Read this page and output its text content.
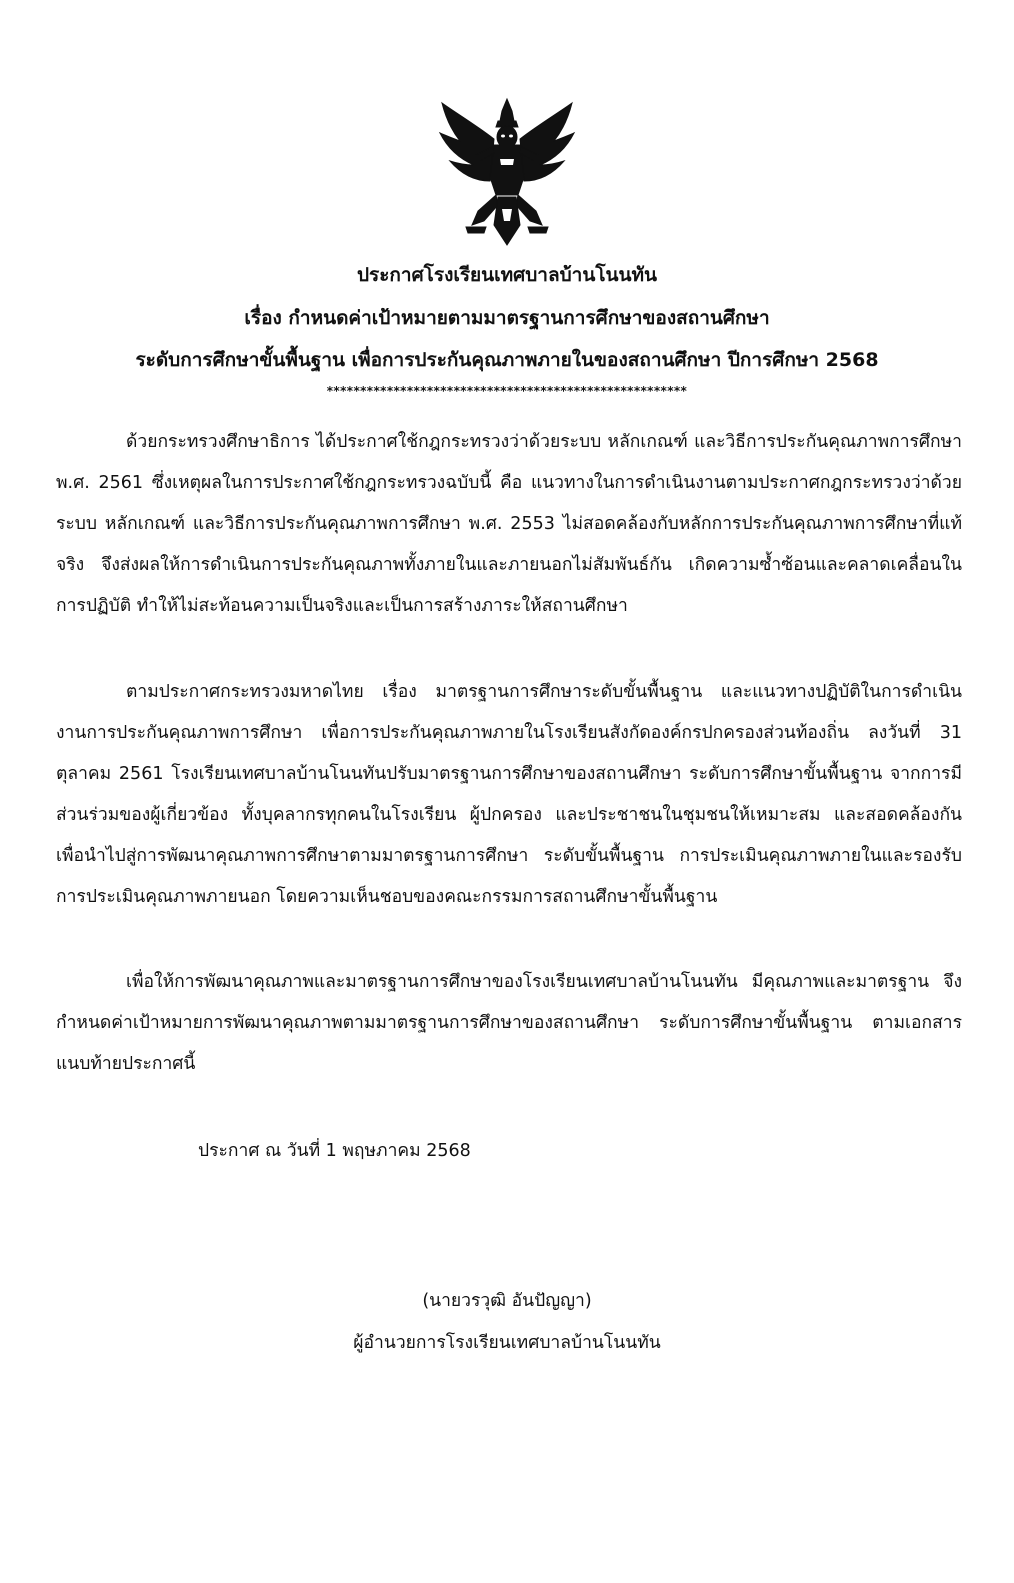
ประกาศโรงเรียนเทศบาลบ้านโนนทัน
เรื่อง กำหนดค่าเป้าหมายตามมาตรฐานการศึกษาของสถานศึกษา
ระดับการศึกษาขั้นพื้นฐาน เพื่อการประกันคุณภาพภายในของสถานศึกษา ปีการศึกษา 2568
******************************************************

ด้วยกระทรวงศึกษาธิการ ได้ประกาศใช้กฎกระทรวงว่าด้วยระบบ หลักเกณฑ์ และวิธีการประกันคุณภาพการศึกษา พ.ศ. 2561 ซึ่งเหตุผลในการประกาศใช้กฎกระทรวงฉบับนี้ คือ แนวทางในการดำเนินงานตามประกาศกฎกระทรวงว่าด้วยระบบ หลักเกณฑ์ และวิธีการประกันคุณภาพการศึกษา พ.ศ. 2553 ไม่สอดคล้องกับหลักการประกันคุณภาพการศึกษาที่แท้จริง จึงส่งผลให้การดำเนินการประกันคุณภาพทั้งภายในและภายนอกไม่สัมพันธ์กัน เกิดความซ้ำซ้อนและคลาดเคลื่อนในการปฏิบัติ ทำให้ไม่สะท้อนความเป็นจริงและเป็นการสร้างภาระให้สถานศึกษา

ตามประกาศกระทรวงมหาดไทย เรื่อง มาตรฐานการศึกษาระดับขั้นพื้นฐาน และแนวทางปฏิบัติในการดำเนินงานการประกันคุณภาพการศึกษา เพื่อการประกันคุณภาพภายในโรงเรียนสังกัดองค์กรปกครองส่วนท้องถิ่น ลงวันที่ 31 ตุลาคม 2561 โรงเรียนเทศบาลบ้านโนนทันปรับมาตรฐานการศึกษาของสถานศึกษา ระดับการศึกษาขั้นพื้นฐาน จากการมีส่วนร่วมของผู้เกี่ยวข้อง ทั้งบุคลากรทุกคนในโรงเรียน ผู้ปกครอง และประชาชนในชุมชนให้เหมาะสม และสอดคล้องกัน เพื่อนำไปสู่การพัฒนาคุณภาพการศึกษาตามมาตรฐานการศึกษา ระดับขั้นพื้นฐาน การประเมินคุณภาพภายในและรองรับการประเมินคุณภาพภายนอก โดยความเห็นชอบของคณะกรรมการสถานศึกษาขั้นพื้นฐาน

เพื่อให้การพัฒนาคุณภาพและมาตรฐานการศึกษาของโรงเรียนเทศบาลบ้านโนนทัน มีคุณภาพและมาตรฐาน จึงกำหนดค่าเป้าหมายการพัฒนาคุณภาพตามมาตรฐานการศึกษาของสถานศึกษา ระดับการศึกษาขั้นพื้นฐาน ตามเอกสารแนบท้ายประกาศนี้

ประกาศ ณ วันที่ 1 พฤษภาคม 2568
(นายวรวุฒิ อันปัญญา)
ผู้อำนวยการโรงเรียนเทศบาลบ้านโนนทัน
